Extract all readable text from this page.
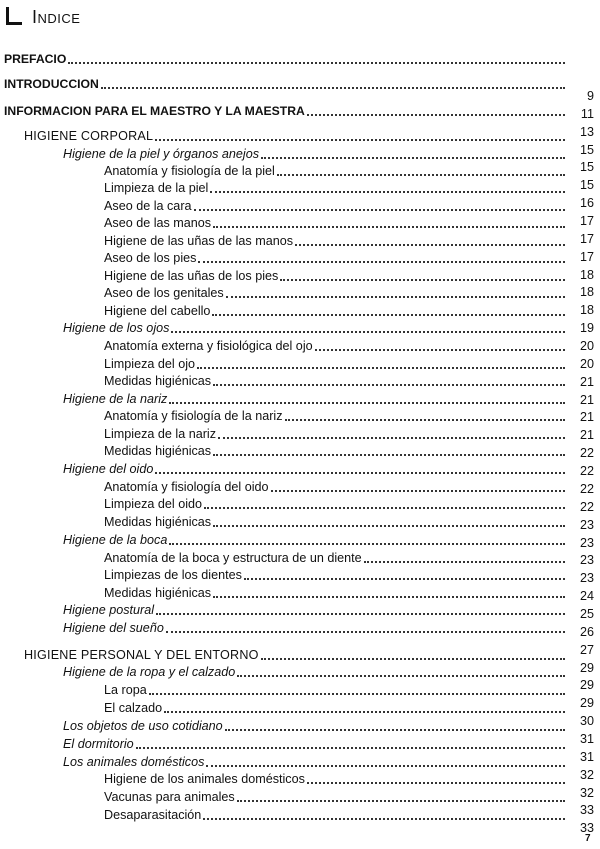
Indice
PREFACIO
INTRODUCCION
INFORMACION PARA EL MAESTRO Y LA MAESTRA
HIGIENE CORPORAL
Higiene de la piel y órganos anejos
Anatomía y fisiología de la piel
Limpieza de la piel
Aseo de la cara
Aseo de las manos
Higiene de las uñas de las manos
Aseo de los pies
Higiene de las uñas de los pies
Aseo de los genitales
Higiene del cabello
Higiene de los ojos
Anatomía externa y fisiológica del ojo
Limpieza del ojo
Medidas higiénicas
Higiene de la nariz
Anatomía y fisiología de la nariz
Limpieza de la nariz
Medidas higiénicas
Higiene del oido
Anatomía y fisiología del oido
Limpieza del oido
Medidas higiénicas
Higiene de la boca
Anatomía de la boca y estructura de un diente
Limpiezas de los dientes
Medidas higiénicas
Higiene postural
Higiene del sueño
HIGIENE PERSONAL Y DEL ENTORNO
Higiene de la ropa y el calzado
La ropa
El calzado
Los objetos de uso cotidiano
El dormitorio
Los animales domésticos
Higiene de los animales domésticos
Vacunas para animales
Desaparasitación
9
11
13
15
15
15
16
17
17
17
18
18
18
19
20
20
21
21
21
21
22
22
22
22
23
23
23
23
24
25
26
27
29
29
29
30
31
31
32
32
33
33
7
